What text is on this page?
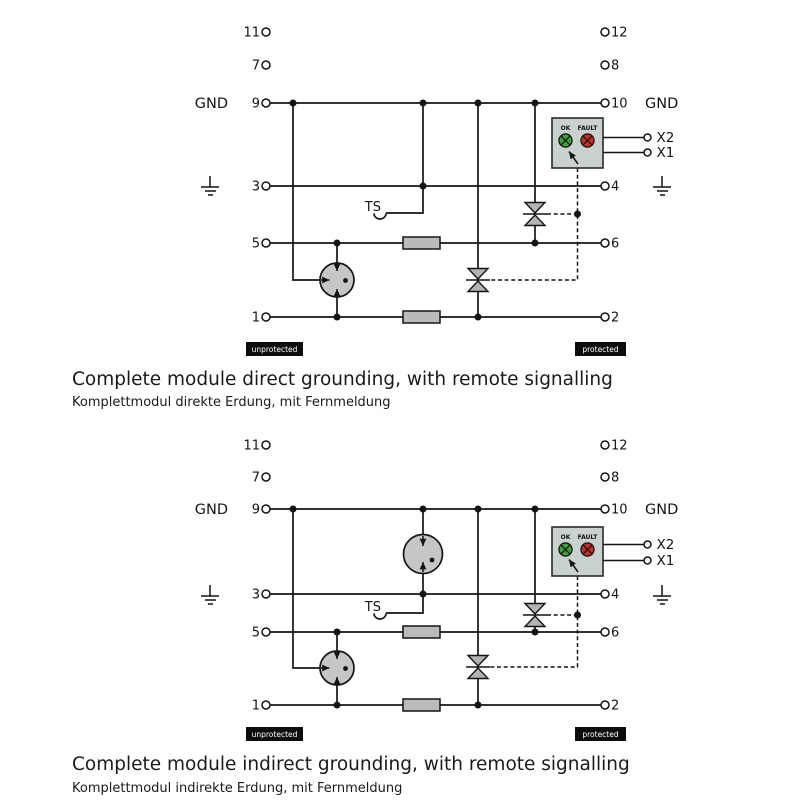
11
7
9
3
5
1
GND
12
8
10
4
6
2
GND
TS
OK FAULT
X2
X1
unprotected	protected
Complete module direct grounding, with remote signalling
Komplettmodul direkte Erdung, mit Fernmeldung
11
7
9
3
5
1
GND
12
8
10
4
6
2
GND
TS
OK FAULT	X2
X1
unprotected	protected
Complete module indirect grounding, with remote signalling
Komplettmodul indirekte Erdung, mit Fernmeldung
